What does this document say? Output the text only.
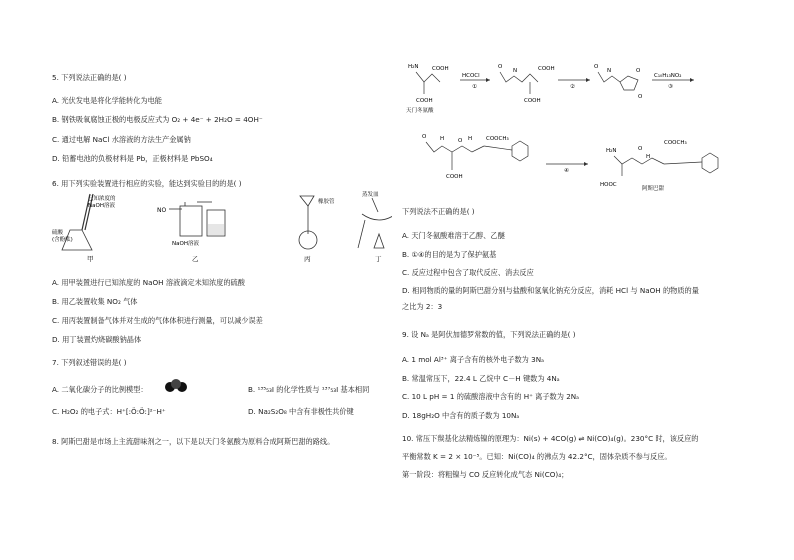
5. 下列说法正确的是( )
A. 光伏发电是将化学能转化为电能
B. 钢铁吸氧腐蚀正极的电极反应式为 O₂ + 4e⁻ + 2H₂O = 4OH⁻
C. 通过电解 NaCl 水溶液的方法生产金属钠
D. 铅蓄电池的负极材料是 Pb，正极材料是 PbSO₄
6. 用下列实验装置进行相应的实验，能达到实验目的的是( )
已知浓度的
NaOH溶液
硫酸
(含酚酞)
甲
NO
NaOH溶液
乙
橡胶管
丙
蒸发皿
丁
A. 用甲装置进行已知浓度的 NaOH 溶液滴定未知浓度的硫酸
B. 用乙装置收集 NO₂ 气体
C. 用丙装置制备气体并对生成的气体体积进行测量，可以减少误差
D. 用丁装置灼烧碳酸钠晶体
7. 下列叙述错误的是( )
A. 二氧化碳分子的比例模型：	B. ¹³⁵₅₃I 的化学性质与 ¹³⁷₅₃I 基本相同
C. H₂O₂ 的电子式：H⁺[:Ö:Ö:]²⁻H⁺	D. Na₂S₂O₈ 中含有非极性共价键
8. 阿斯巴甜是市场上主流甜味剂之一，以下是以天门冬氨酸为原料合成阿斯巴甜的路线。
H₂N COOH
COOH
天门冬氨酸
HCOCl
①
O
N	COOH
COOH
②
O
N	O
O
C₁₀H₁₃NO₂
③
O H	H
O	COOCH₃
COOH
④
H₂N	O
H
COOCH₃
HOOC
阿斯巴甜
下列说法不正确的是( )
A. 天门冬氨酸难溶于乙醇、乙醚
B. ①④的目的是为了保护氨基
C. 反应过程中包含了取代反应、消去反应
D. 相同物质的量的阿斯巴甜分别与盐酸和氢氧化钠充分反应，消耗 HCl 与 NaOH 的物质的量
之比为 2：3
9. 设 Nₐ 是阿伏加德罗常数的值，下列说法正确的是( )
A. 1 mol Al³⁺ 离子含有的核外电子数为 3Nₐ
B. 常温常压下，22.4 L 乙烷中 C－H 键数为 4Nₐ
C. 10 L pH = 1 的硫酸溶液中含有的 H⁺ 离子数为 2Nₐ
D. 18gH₂O 中含有的质子数为 10Nₐ
10. 常压下羰基化法精炼镍的原理为：Ni(s) + 4CO(g) ⇌ Ni(CO)₄(g)。230°C 时，该反应的
平衡常数 K = 2 × 10⁻⁵。已知：Ni(CO)₄ 的沸点为 42.2°C，固体杂质不参与反应。
第一阶段：将粗镍与 CO 反应转化成气态 Ni(CO)₄；
